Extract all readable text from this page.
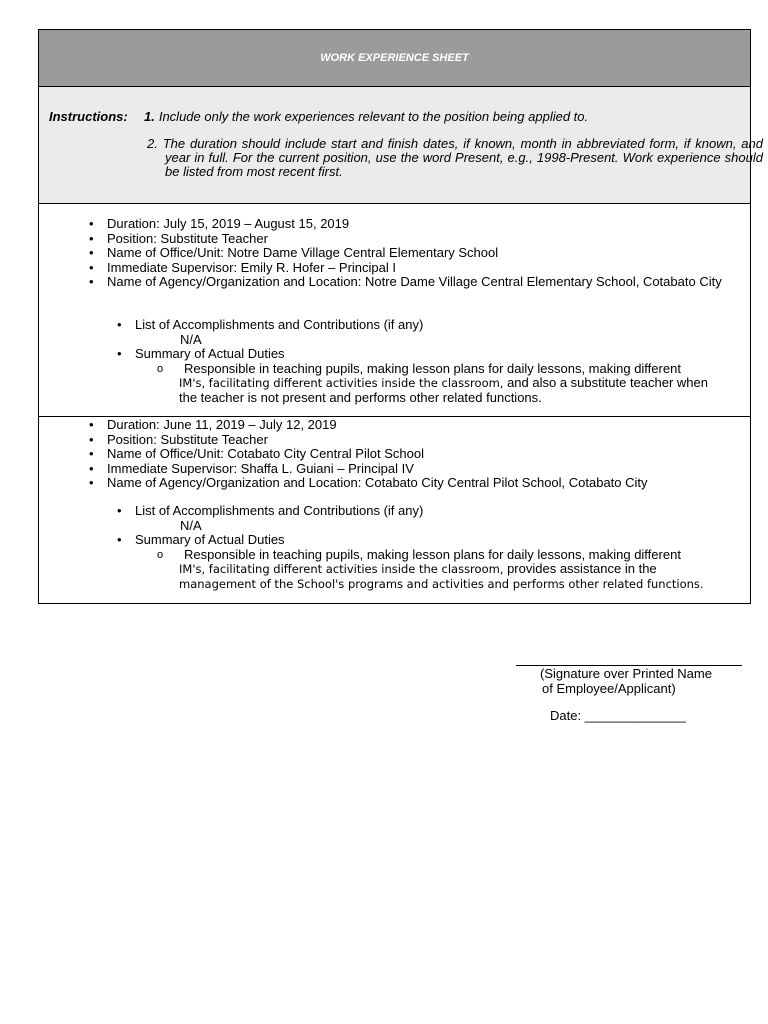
WORK EXPERIENCE SHEET
Instructions: 1. Include only the work experiences relevant to the position being applied to.
2. The duration should include start and finish dates, if known, month in abbreviated form, if known, and year in full. For the current position, use the word Present, e.g., 1998-Present. Work experience should be listed from most recent first.
• Duration: July 15, 2019 – August 15, 2019
• Position: Substitute Teacher
• Name of Office/Unit: Notre Dame Village Central Elementary School
• Immediate Supervisor: Emily R. Hofer – Principal I
• Name of Agency/Organization and Location: Notre Dame Village Central Elementary School, Cotabato City
• List of Accomplishments and Contributions (if any)
N/A
• Summary of Actual Duties
o	Responsible in teaching pupils, making lesson plans for daily lessons, making different
IM's, facilitating different activities inside the classroom, and also a substitute teacher when
the teacher is not present and performs other related functions.
• Duration: June 11, 2019 – July 12, 2019
• Position: Substitute Teacher
• Name of Office/Unit: Cotabato City Central Pilot School
• Immediate Supervisor: Shaffa L. Guiani – Principal IV
• Name of Agency/Organization and Location: Cotabato City Central Pilot School, Cotabato City
• List of Accomplishments and Contributions (if any)
N/A
• Summary of Actual Duties
o	Responsible in teaching pupils, making lesson plans for daily lessons, making different
IM's, facilitating different activities inside the classroom, provides assistance in the
management of the School's programs and activities and performs other related functions.
(Signature over Printed Name
of Employee/Applicant)
Date: ______________
